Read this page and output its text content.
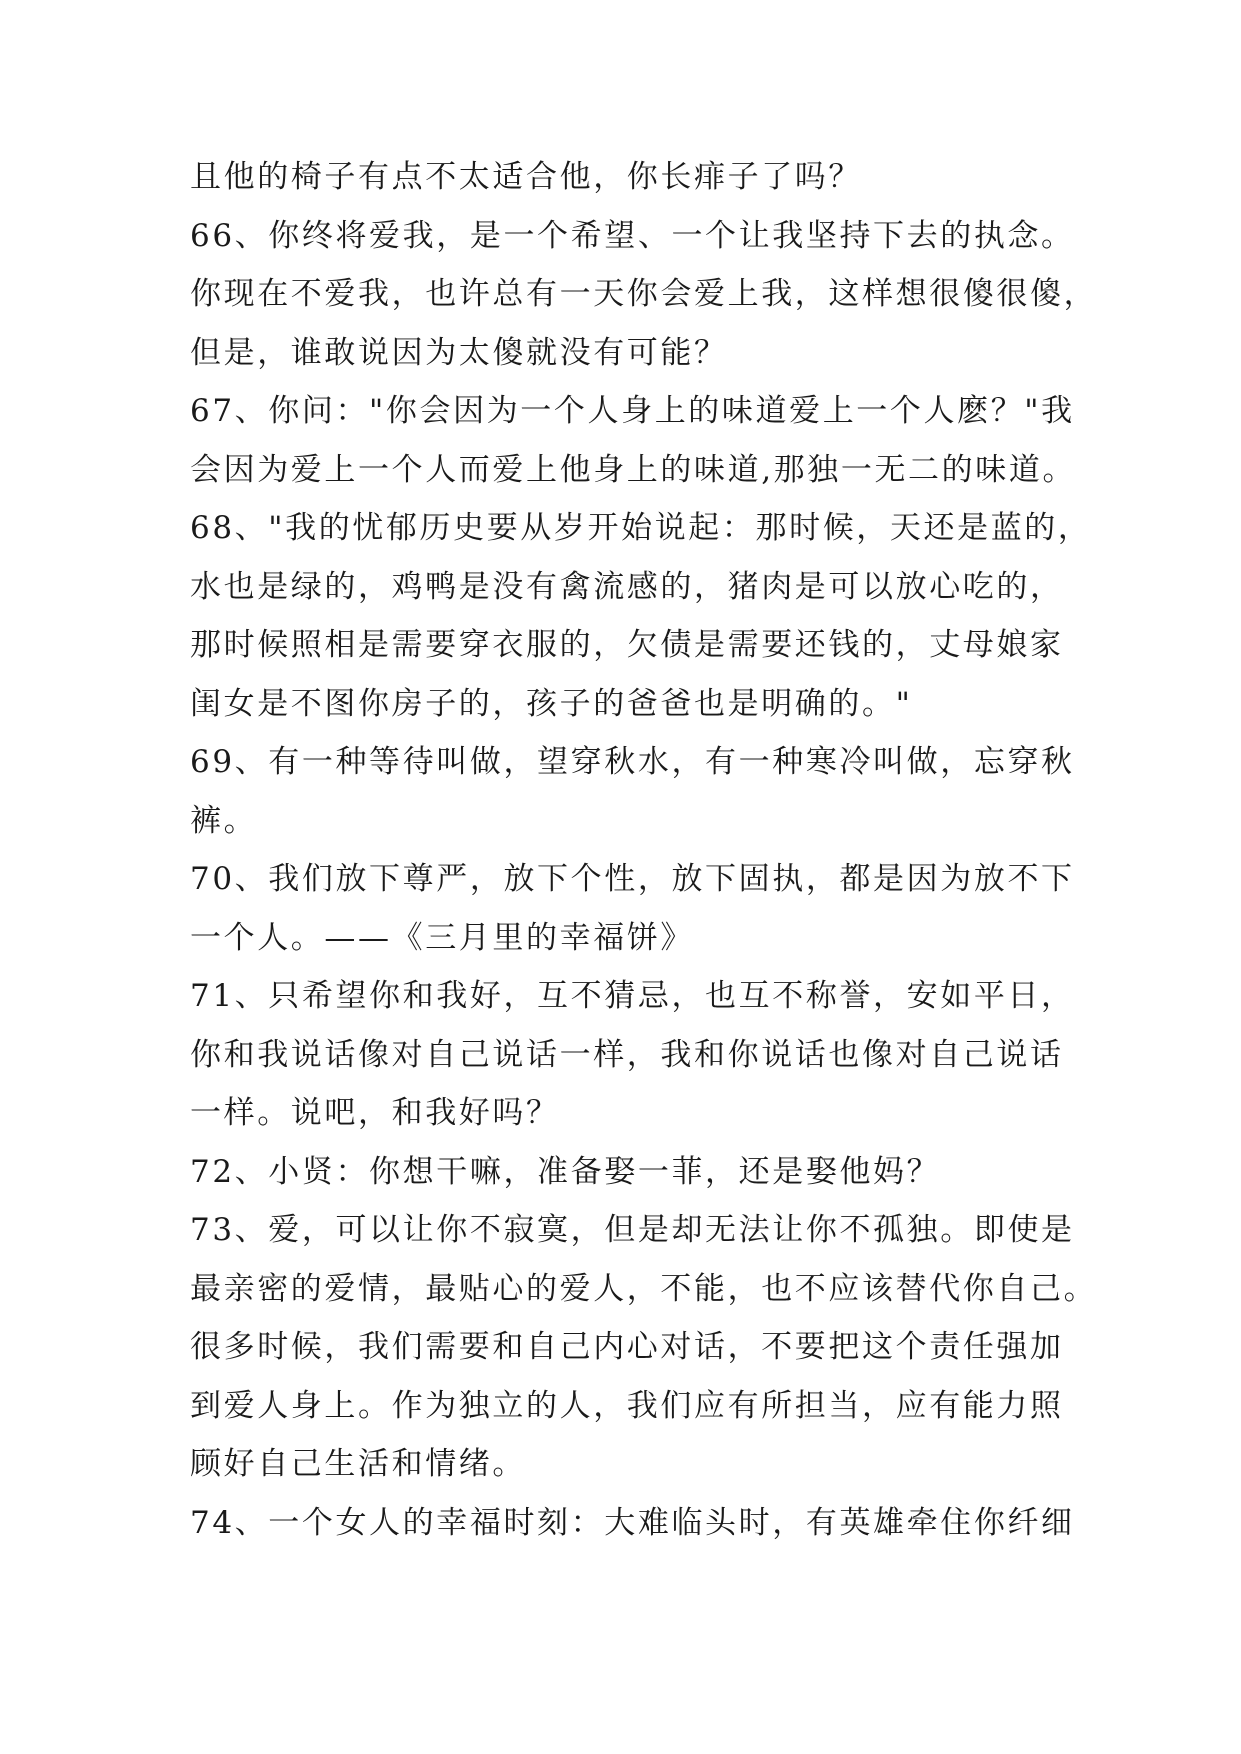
且他的椅子有点不太适合他，你长痱子了吗？
66、你终将爱我，是一个希望、一个让我坚持下去的执念。
你现在不爱我，也许总有一天你会爱上我，这样想很傻很傻，
但是，谁敢说因为太傻就没有可能？
67、你问："你会因为一个人身上的味道爱上一个人麽？"我
会因为爱上一个人而爱上他身上的味道,那独一无二的味道。
68、"我的忧郁历史要从岁开始说起：那时候，天还是蓝的，
水也是绿的，鸡鸭是没有禽流感的，猪肉是可以放心吃的，
那时候照相是需要穿衣服的，欠债是需要还钱的，丈母娘家
闺女是不图你房子的，孩子的爸爸也是明确的。"
69、有一种等待叫做，望穿秋水，有一种寒冷叫做，忘穿秋
裤。
70、我们放下尊严，放下个性，放下固执，都是因为放不下
一个人。——《三月里的幸福饼》
71、只希望你和我好，互不猜忌，也互不称誉，安如平日，
你和我说话像对自己说话一样，我和你说话也像对自己说话
一样。说吧，和我好吗？
72、小贤：你想干嘛，准备娶一菲，还是娶他妈？
73、爱，可以让你不寂寞，但是却无法让你不孤独。即使是
最亲密的爱情，最贴心的爱人，不能，也不应该替代你自己。
很多时候，我们需要和自己内心对话，不要把这个责任强加
到爱人身上。作为独立的人，我们应有所担当，应有能力照
顾好自己生活和情绪。
74、一个女人的幸福时刻：大难临头时，有英雄牵住你纤细
